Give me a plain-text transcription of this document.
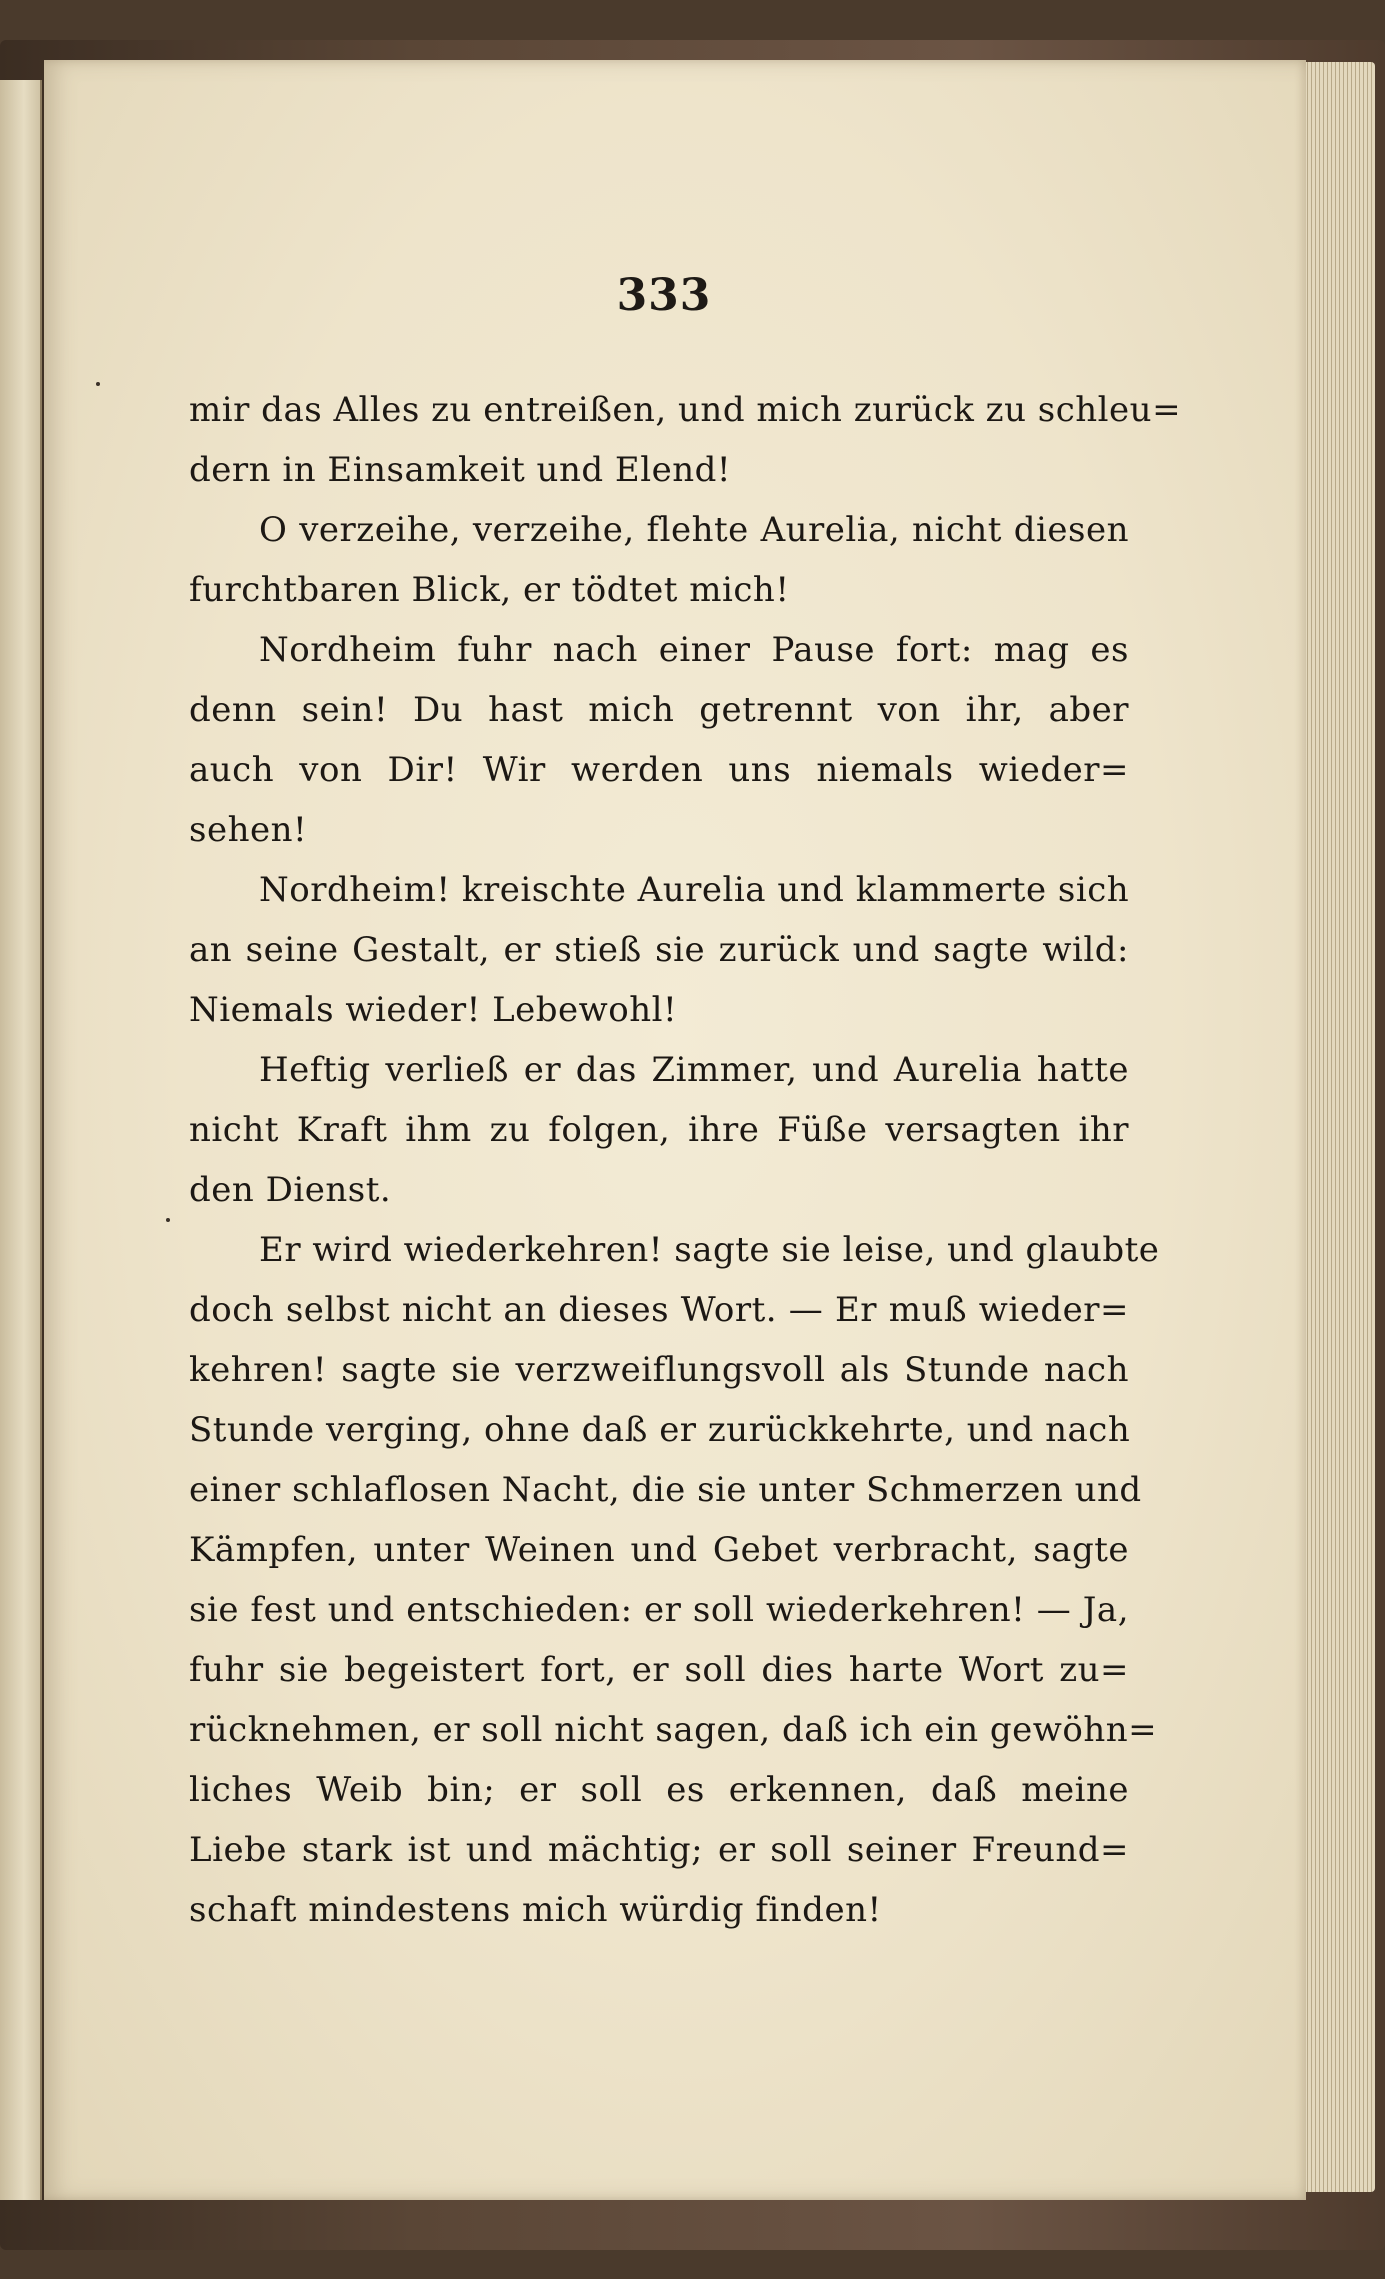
333
mir das Alles zu entreißen, und mich zurück zu schleu=
dern in Einsamkeit und Elend!
O verzeihe, verzeihe, flehte Aurelia, nicht diesen
furchtbaren Blick, er tödtet mich!
Nordheim fuhr nach einer Pause fort: mag es
denn sein! Du hast mich getrennt von ihr, aber
auch von Dir! Wir werden uns niemals wieder=
sehen!
Nordheim! kreischte Aurelia und klammerte sich
an seine Gestalt, er stieß sie zurück und sagte wild:
Niemals wieder! Lebewohl!
Heftig verließ er das Zimmer, und Aurelia hatte
nicht Kraft ihm zu folgen, ihre Füße versagten ihr
den Dienst.
Er wird wiederkehren! sagte sie leise, und glaubte
doch selbst nicht an dieses Wort. — Er muß wieder=
kehren! sagte sie verzweiflungsvoll als Stunde nach
Stunde verging, ohne daß er zurückkehrte, und nach
einer schlaflosen Nacht, die sie unter Schmerzen und
Kämpfen, unter Weinen und Gebet verbracht, sagte
sie fest und entschieden: er soll wiederkehren! — Ja,
fuhr sie begeistert fort, er soll dies harte Wort zu=
rücknehmen, er soll nicht sagen, daß ich ein gewöhn=
liches Weib bin; er soll es erkennen, daß meine
Liebe stark ist und mächtig; er soll seiner Freund=
schaft mindestens mich würdig finden!
